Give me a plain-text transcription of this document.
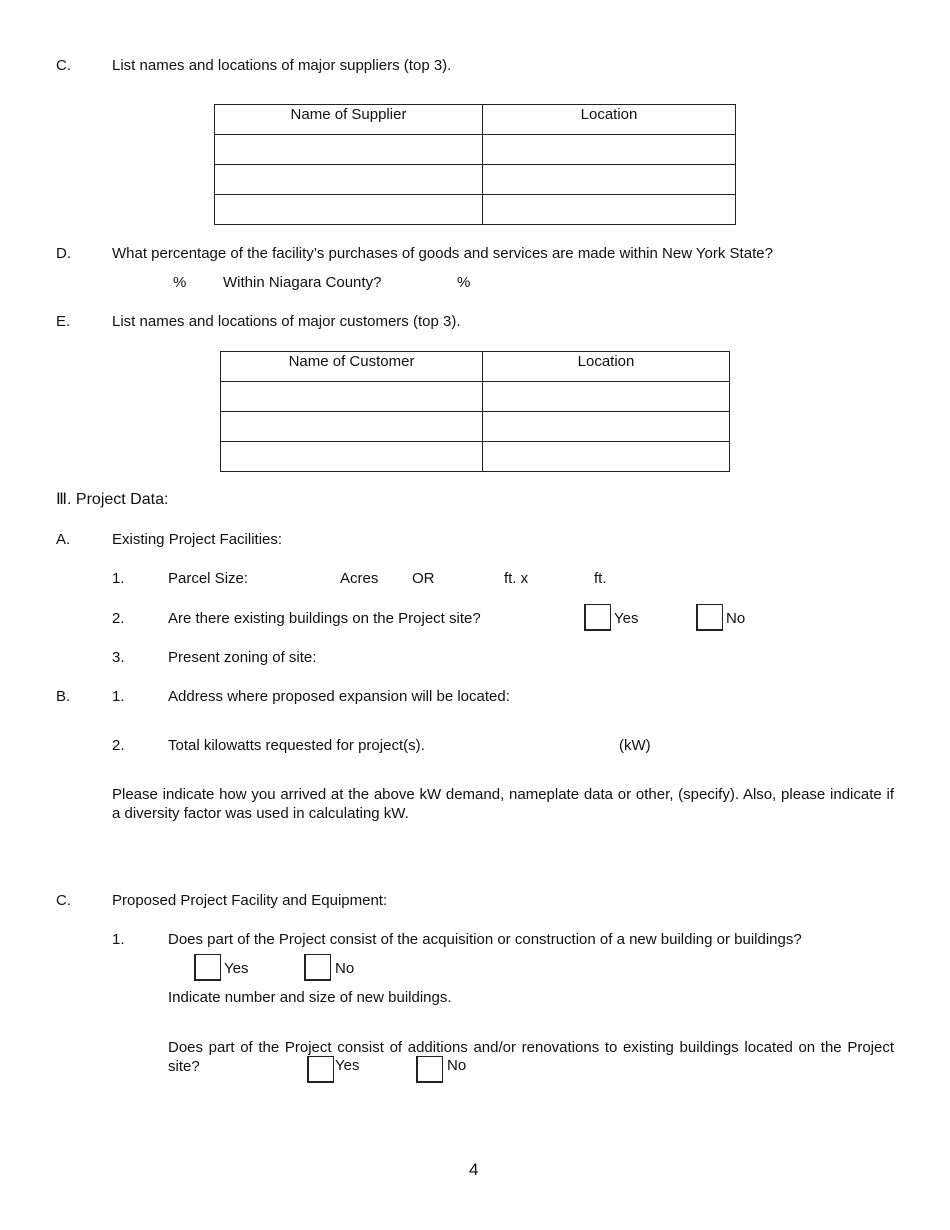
C.	List names and locations of major suppliers (top 3).
Name of Supplier	Location

D.	What percentage of the facility’s purchases of goods and services are made within New York State?
% Within Niagara County?	%
E.	List names and locations of major customers (top 3).
Name of Customer	Location

Ⅲ. Project Data:
A.	Existing Project Facilities:
1.	Parcel Size:	Acres OR	ft. x	ft.
2.	Are there existing buildings on the Project site?	Yes	No
3.	Present zoning of site:
B.	1.	Address where proposed expansion will be located:
2.	Total kilowatts requested for project(s).	(kW)
Please indicate how you arrived at the above kW demand, nameplate data or other, (specify). Also, please indicate if a diversity factor was used in calculating kW.
C.	Proposed Project Facility and Equipment:
1.	Does part of the Project consist of the acquisition or construction of a new building or buildings?
Yes	No
Indicate number and size of new buildings.
Does part of the Project consist of additions and/or renovations to existing buildings located on the Project site?	Yes	No
4
